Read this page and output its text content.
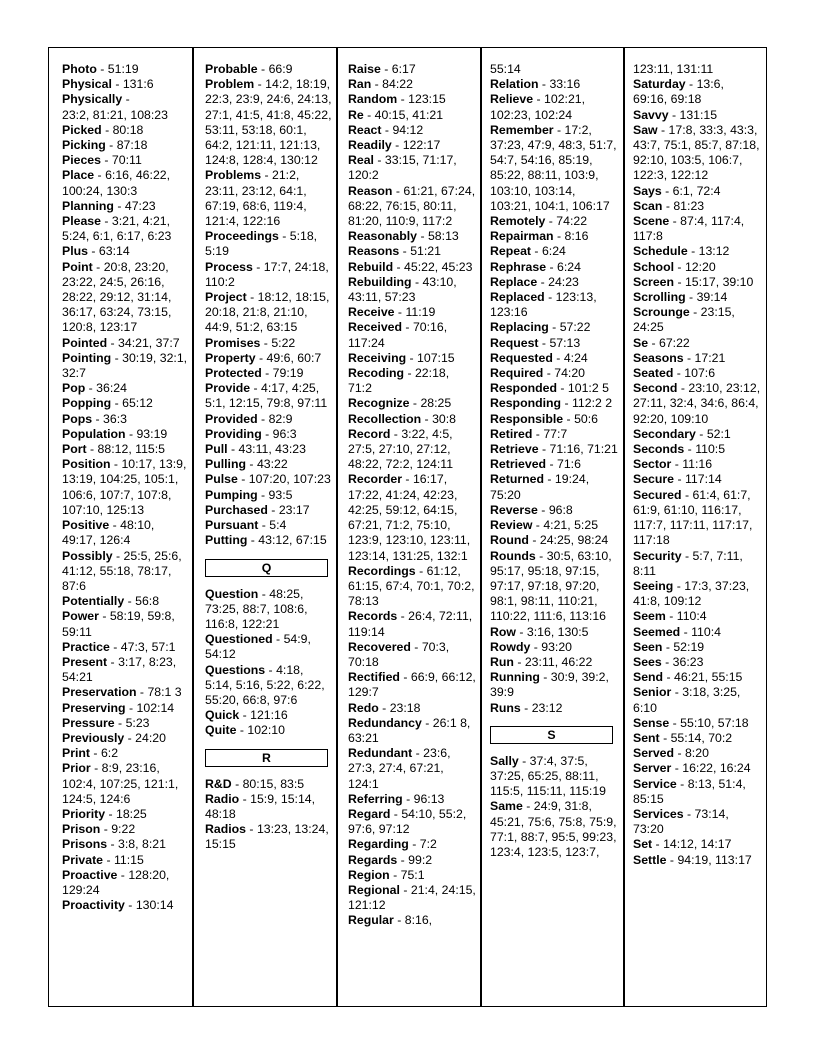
Photo - 51:19
Physical - 131:6
Physically - 23:2, 81:21, 108:23
Picked - 80:18
Picking - 87:18
Pieces - 70:11
Place - 6:16, 46:22, 100:24, 130:3
Planning - 47:23
Please - 3:21, 4:21, 5:24, 6:1, 6:17, 6:23
Plus - 63:14
Point - 20:8, 23:20, 23:22, 24:5, 26:16, 28:22, 29:12, 31:14, 36:17, 63:24, 73:15, 120:8, 123:17
Pointed - 34:21, 37:7
Pointing - 30:19, 32:1, 32:7
Pop - 36:24
Popping - 65:12
Pops - 36:3
Population - 93:19
Port - 88:12, 115:5
Position - 10:17, 13:9, 13:19, 104:25, 105:1, 106:6, 107:7, 107:8, 107:10, 125:13
Positive - 48:10, 49:17, 126:4
Possibly - 25:5, 25:6, 41:12, 55:18, 78:17, 87:6
Potentially - 56:8
Power - 58:19, 59:8, 59:11
Practice - 47:3, 57:1
Present - 3:17, 8:23, 54:21
Preservation - 78:1 3
Preserving - 102:14
Pressure - 5:23
Previously - 24:20
Print - 6:2
Prior - 8:9, 23:16, 102:4, 107:25, 121:1, 124:5, 124:6
Priority - 18:25
Prison - 9:22
Prisons - 3:8, 8:21
Private - 11:15
Proactive - 128:20, 129:24
Proactivity - 130:14
Probable - 66:9
Problem - 14:2, 18:19, 22:3, 23:9, 24:6, 24:13, 27:1, 41:5, 41:8, 45:22, 53:11, 53:18, 60:1, 64:2, 121:11, 121:13, 124:8, 128:4, 130:12
Problems - 21:2, 23:11, 23:12, 64:1, 67:19, 68:6, 119:4, 121:4, 122:16
Proceedings - 5:18, 5:19
Process - 17:7, 24:18, 110:2
Project - 18:12, 18:15, 20:18, 21:8, 21:10, 44:9, 51:2, 63:15
Promises - 5:22
Property - 49:6, 60:7
Protected - 79:19
Provide - 4:17, 4:25, 5:1, 12:15, 79:8, 97:11
Provided - 82:9
Providing - 96:3
Pull - 43:11, 43:23
Pulling - 43:22
Pulse - 107:20, 107:23
Pumping - 93:5
Purchased - 23:17
Pursuant - 5:4
Putting - 43:12, 67:15
Q
Question - 48:25, 73:25, 88:7, 108:6, 116:8, 122:21
Questioned - 54:9, 54:12
Questions - 4:18, 5:14, 5:16, 5:22, 6:22, 55:20, 66:8, 97:6
Quick - 121:16
Quite - 102:10
R
R&D - 80:15, 83:5
Radio - 15:9, 15:14, 48:18
Radios - 13:23, 13:24, 15:15
Raise - 6:17
Ran - 84:22
Random - 123:15
Re - 40:15, 41:21
React - 94:12
Readily - 122:17
Real - 33:15, 71:17, 120:2
Reason - 61:21, 67:24, 68:22, 76:15, 80:11, 81:20, 110:9, 117:2
Reasonably - 58:13
Reasons - 51:21
Rebuild - 45:22, 45:23
Rebuilding - 43:10, 43:11, 57:23
Receive - 11:19
Received - 70:16, 117:24
Receiving - 107:15
Recoding - 22:18, 71:2
Recognize - 28:25
Recollection - 30:8
Record - 3:22, 4:5, 27:5, 27:10, 27:12, 48:22, 72:2, 124:11
Recorder - 16:17, 17:22, 41:24, 42:23, 42:25, 59:12, 64:15, 67:21, 71:2, 75:10, 123:9, 123:10, 123:11, 123:14, 131:25, 132:1
Recordings - 61:12, 61:15, 67:4, 70:1, 70:2, 78:13
Records - 26:4, 72:11, 119:14
Recovered - 70:3, 70:18
Rectified - 66:9, 66:12, 129:7
Redo - 23:18
Redundancy - 26:1 8, 63:21
Redundant - 23:6, 27:3, 27:4, 67:21, 124:1
Referring - 96:13
Regard - 54:10, 55:2, 97:6, 97:12
Regarding - 7:2
Regards - 99:2
Region - 75:1
Regional - 21:4, 24:15, 121:12
Regular - 8:16,
55:14
Relation - 33:16
Relieve - 102:21, 102:23, 102:24
Remember - 17:2, 37:23, 47:9, 48:3, 51:7, 54:7, 54:16, 85:19, 85:22, 88:11, 103:9, 103:10, 103:14, 103:21, 104:1, 106:17
Remotely - 74:22
Repairman - 8:16
Repeat - 6:24
Rephrase - 6:24
Replace - 24:23
Replaced - 123:13, 123:16
Replacing - 57:22
Request - 57:13
Requested - 4:24
Required - 74:20
Responded - 101:2 5
Responding - 112:2 2
Responsible - 50:6
Retired - 77:7
Retrieve - 71:16, 71:21
Retrieved - 71:6
Returned - 19:24, 75:20
Reverse - 96:8
Review - 4:21, 5:25
Round - 24:25, 98:24
Rounds - 30:5, 63:10, 95:17, 95:18, 97:15, 97:17, 97:18, 97:20, 98:1, 98:11, 110:21, 110:22, 111:6, 113:16
Row - 3:16, 130:5
Rowdy - 93:20
Run - 23:11, 46:22
Running - 30:9, 39:2, 39:9
Runs - 23:12
S
Sally - 37:4, 37:5, 37:25, 65:25, 88:11, 115:5, 115:11, 115:19
Same - 24:9, 31:8, 45:21, 75:6, 75:8, 75:9, 77:1, 88:7, 95:5, 99:23, 123:4, 123:5, 123:7,
123:11, 131:11
Saturday - 13:6, 69:16, 69:18
Savvy - 131:15
Saw - 17:8, 33:3, 43:3, 43:7, 75:1, 85:7, 87:18, 92:10, 103:5, 106:7, 122:3, 122:12
Says - 6:1, 72:4
Scan - 81:23
Scene - 87:4, 117:4, 117:8
Schedule - 13:12
School - 12:20
Screen - 15:17, 39:10
Scrolling - 39:14
Scrounge - 23:15, 24:25
Se - 67:22
Seasons - 17:21
Seated - 107:6
Second - 23:10, 23:12, 27:11, 32:4, 34:6, 86:4, 92:20, 109:10
Secondary - 52:1
Seconds - 110:5
Sector - 11:16
Secure - 117:14
Secured - 61:4, 61:7, 61:9, 61:10, 116:17, 117:7, 117:11, 117:17, 117:18
Security - 5:7, 7:11, 8:11
Seeing - 17:3, 37:23, 41:8, 109:12
Seem - 110:4
Seemed - 110:4
Seen - 52:19
Sees - 36:23
Send - 46:21, 55:15
Senior - 3:18, 3:25, 6:10
Sense - 55:10, 57:18
Sent - 55:14, 70:2
Served - 8:20
Server - 16:22, 16:24
Service - 8:13, 51:4, 85:15
Services - 73:14, 73:20
Set - 14:12, 14:17
Settle - 94:19, 113:17
